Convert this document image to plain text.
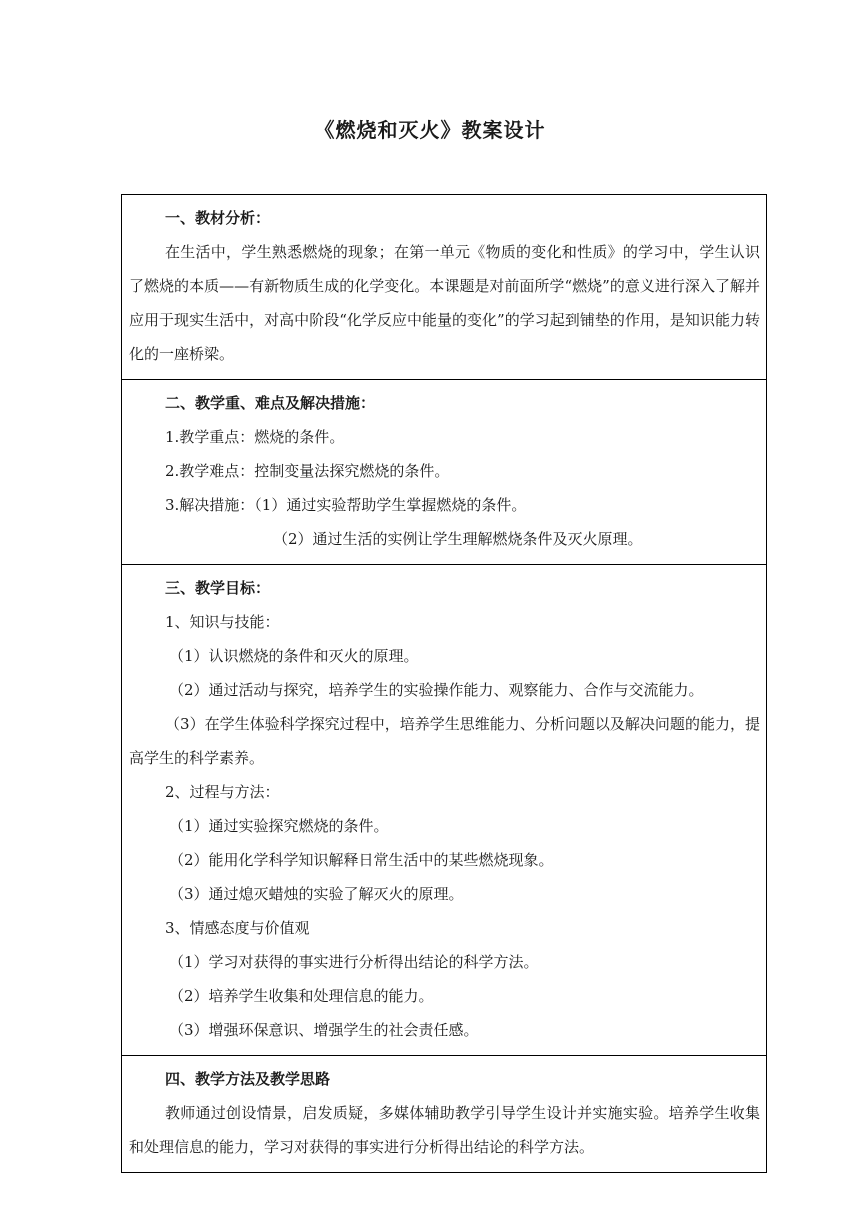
《燃烧和灭火》教案设计
一、教材分析：

在生活中，学生熟悉燃烧的现象；在第一单元《物质的变化和性质》的学习中，学生认识了燃烧的本质——有新物质生成的化学变化。本课题是对前面所学“燃烧”的意义进行深入了解并应用于现实生活中，对高中阶段“化学反应中能量的变化”的学习起到铺垫的作用，是知识能力转化的一座桥梁。

二、教学重、难点及解决措施：

1.教学重点：燃烧的条件。

2.教学难点：控制变量法探究燃烧的条件。

3.解决措施：（1）通过实验帮助学生掌握燃烧的条件。

（2）通过生活的实例让学生理解燃烧条件及灭火原理。

三、教学目标：

1、知识与技能：

（1）认识燃烧的条件和灭火的原理。

（2）通过活动与探究，培养学生的实验操作能力、观察能力、合作与交流能力。

（3）在学生体验科学探究过程中，培养学生思维能力、分析问题以及解决问题的能力，提高学生的科学素养。

2、过程与方法：

（1）通过实验探究燃烧的条件。

（2）能用化学科学知识解释日常生活中的某些燃烧现象。

（3）通过熄灭蜡烛的实验了解灭火的原理。

3、情感态度与价值观

（1）学习对获得的事实进行分析得出结论的科学方法。

（2）培养学生收集和处理信息的能力。

（3）增强环保意识、增强学生的社会责任感。

四、教学方法及教学思路

教师通过创设情景，启发质疑，多媒体辅助教学引导学生设计并实施实验。培养学生收集和处理信息的能力，学习对获得的事实进行分析得出结论的科学方法。
